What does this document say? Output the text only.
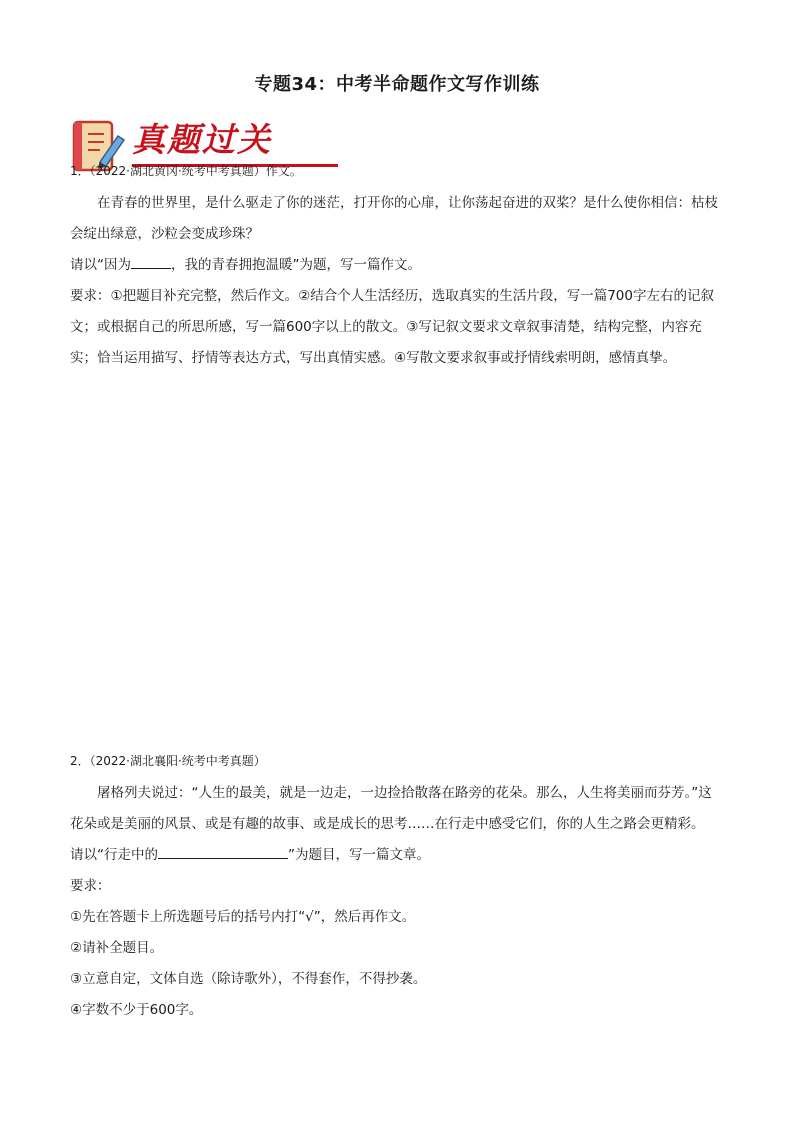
专题34：中考半命题作文写作训练
真题过关

1．（2022·湖北黄冈·统考中考真题）作文。

在青春的世界里，是什么驱走了你的迷茫，打开你的心扉，让你荡起奋进的双桨？是什么使你相信：枯枝会绽出绿意，沙粒会变成珍珠？

请以“因为	，我的青春拥抱温暖”为题，写一篇作文。

要求：①把题目补充完整，然后作文。②结合个人生活经历，选取真实的生活片段，写一篇700字左右的记叙文；或根据自己的所思所感，写一篇600字以上的散文。③写记叙文要求文章叙事清楚，结构完整，内容充实；恰当运用描写、抒情等表达方式，写出真情实感。④写散文要求叙事或抒情线索明朗，感情真挚。

2．（2022·湖北襄阳·统考中考真题）

屠格列夫说过：“人生的最美，就是一边走，一边捡拾散落在路旁的花朵。那么，人生将美丽而芬芳。”这花朵或是美丽的风景、或是有趣的故事、或是成长的思考……在行走中感受它们，你的人生之路会更精彩。

请以“行走中的	”为题目，写一篇文章。

要求：

①先在答题卡上所选题号后的括号内打“√”，然后再作文。

②请补全题目。

③立意自定，文体自选（除诗歌外），不得套作，不得抄袭。

④字数不少于600字。
